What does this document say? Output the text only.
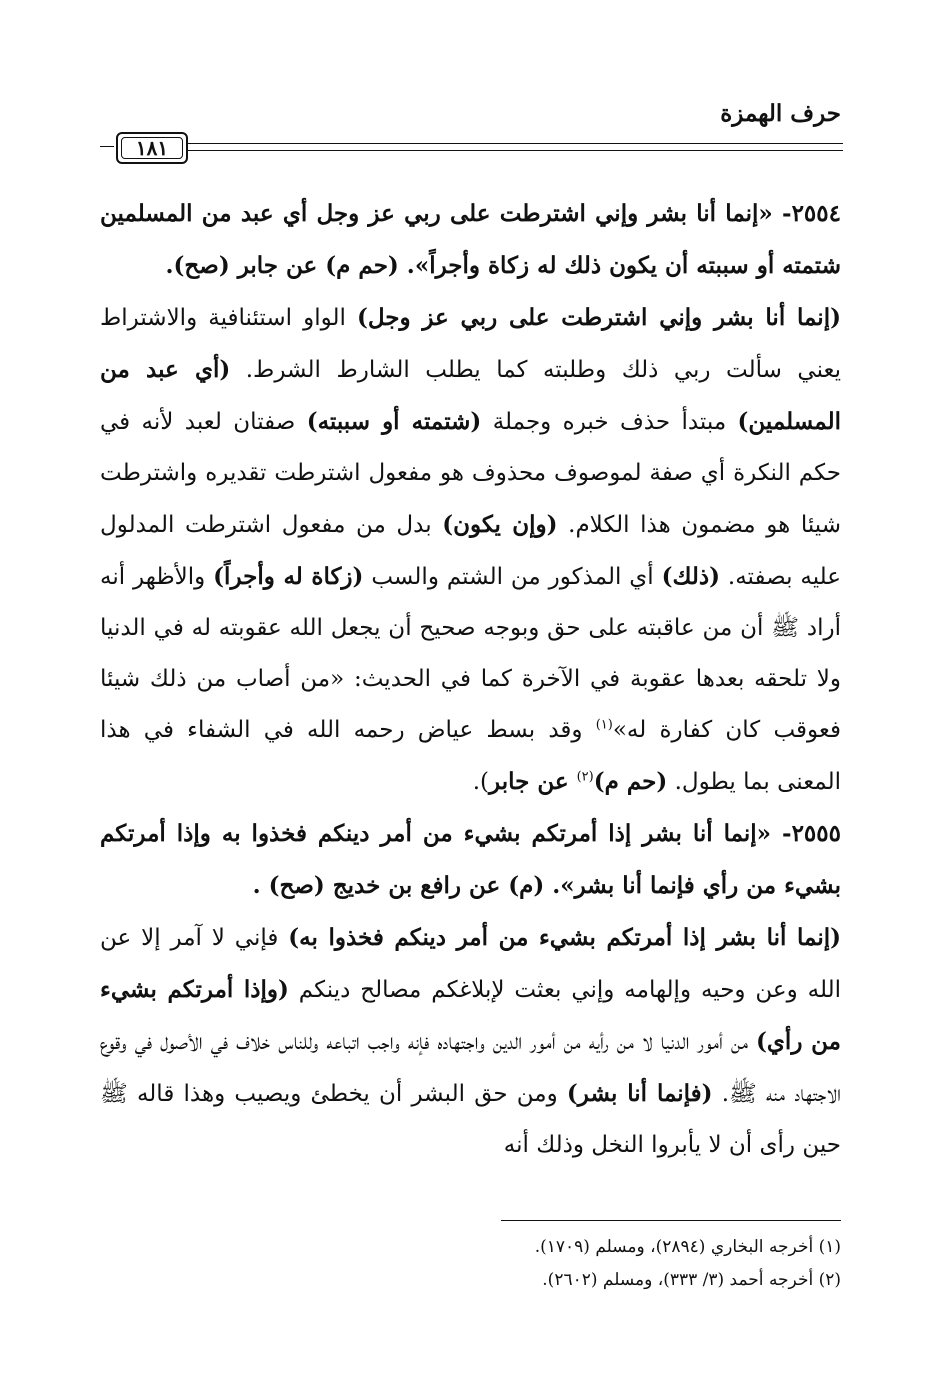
حرف الهمزة
١٨١

٢٥٥٤- «إنما أنا بشر وإني اشترطت على ربي عز وجل أي عبد من المسلمين شتمته أو سببته أن يكون ذلك له زكاة وأجراً». (حم م) عن جابر (صح).

(إنما أنا بشر وإني اشترطت على ربي عز وجل) الواو استئنافية والاشتراط يعني سألت ربي ذلك وطلبته كما يطلب الشارط الشرط. (أي عبد من المسلمين) مبتدأ حذف خبره وجملة (شتمته أو سببته) صفتان لعبد لأنه في حكم النكرة أي صفة لموصوف محذوف هو مفعول اشترطت تقديره واشترطت شيئا هو مضمون هذا الكلام. (وإن يكون) بدل من مفعول اشترطت المدلول عليه بصفته. (ذلك) أي المذكور من الشتم والسب (زكاة له وأجراً) والأظهر أنه أراد ﷺ أن من عاقبته على حق وبوجه صحيح أن يجعل الله عقوبته له في الدنيا ولا تلحقه بعدها عقوبة في الآخرة كما في الحديث: «من أصاب من ذلك شيئا فعوقب كان كفارة له»$^{(١)}$ وقد بسط عياض رحمه الله في الشفاء في هذا المعنى بما يطول. (حم م)$^{(٢)}$ عن جابر).

٢٥٥٥- «إنما أنا بشر إذا أمرتكم بشيء من أمر دينكم فخذوا به وإذا أمرتكم بشيء من رأي فإنما أنا بشر». (م) عن رافع بن خديج (صح) .

(إنما أنا بشر إذا أمرتكم بشيء من أمر دينكم فخذوا به) فإني لا آمر إلا عن الله وعن وحيه وإلهامه وإني بعثت لإبلاغكم مصالح دينكم (وإذا أمرتكم بشيء من رأي) من أمور الدنيا لا من رأيه من أمور الدين واجتهاده فإنه واجب اتباعه وللناس خلاف في الأصول في وقوع الاجتهاد منه ﷺ. (فإنما أنا بشر) ومن حق البشر أن يخطئ ويصيب وهذا قاله ﷺ حين رأى أن لا يأبروا النخل وذلك أنه

(١) أخرجه البخاري (٢٨٩٤)، ومسلم (١٧٠٩).

(٢) أخرجه أحمد (٣/ ٣٣٣)، ومسلم (٢٦٠٢).
